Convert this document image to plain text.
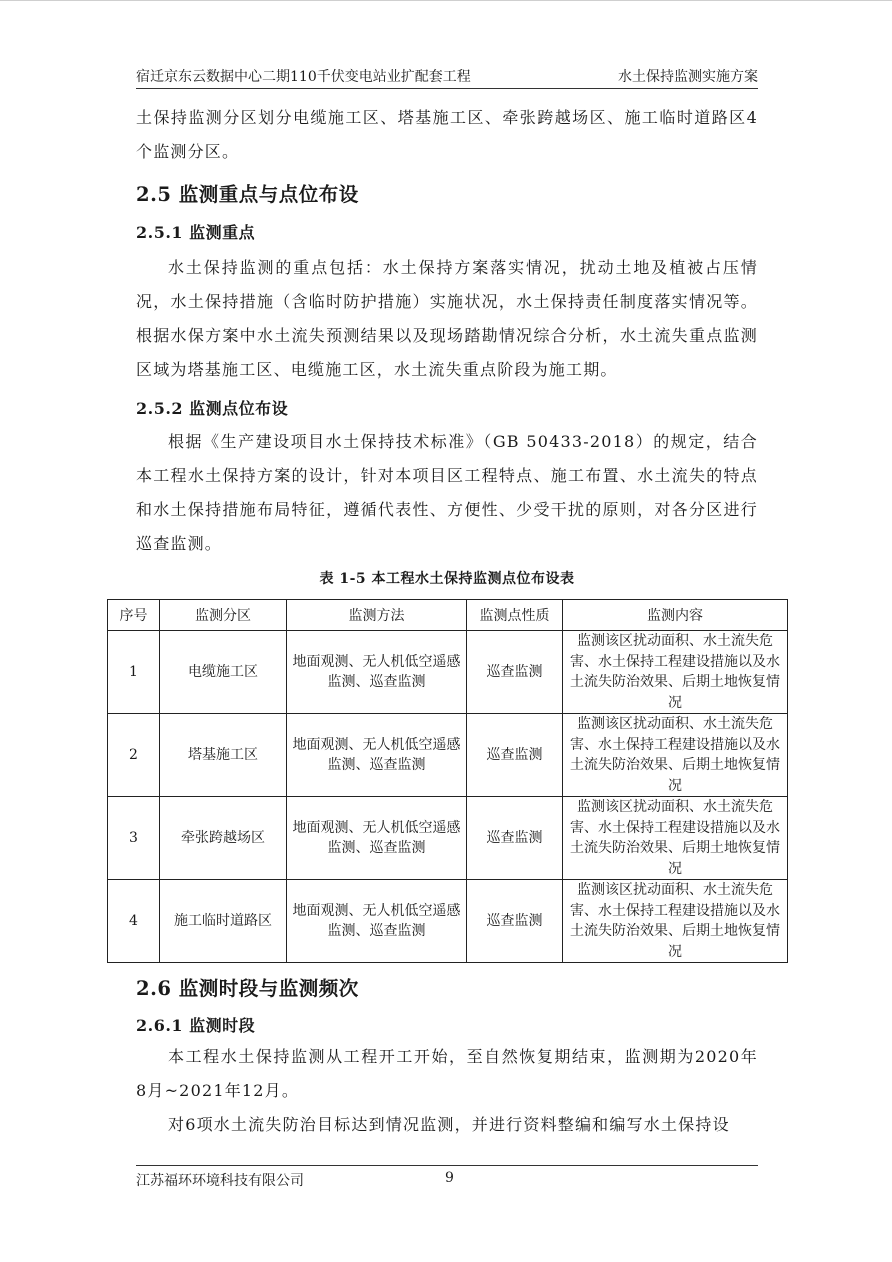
宿迁京东云数据中心二期110千伏变电站业扩配套工程	水土保持监测实施方案

土保持监测分区划分电缆施工区、塔基施工区、牵张跨越场区、施工临时道路区4个监测分区。

2.5 监测重点与点位布设
2.5.1 监测重点

水土保持监测的重点包括：水土保持方案落实情况，扰动土地及植被占压情况，水土保持措施（含临时防护措施）实施状况，水土保持责任制度落实情况等。根据水保方案中水土流失预测结果以及现场踏勘情况综合分析，水土流失重点监测区域为塔基施工区、电缆施工区，水土流失重点阶段为施工期。

2.5.2 监测点位布设

根据《生产建设项目水土保持技术标准》（GB 50433-2018）的规定，结合本工程水土保持方案的设计，针对本项目区工程特点、施工布置、水土流失的特点和水土保持措施布局特征，遵循代表性、方便性、少受干扰的原则，对各分区进行巡查监测。

表 1-5 本工程水土保持监测点位布设表
序号	监测分区	监测方法	监测点性质	监测内容
1	电缆施工区	地面观测、无人机低空遥感监测、巡查监测	巡查监测	监测该区扰动面积、水土流失危害、水土保持工程建设措施以及水土流失防治效果、后期土地恢复情况
2	塔基施工区	地面观测、无人机低空遥感监测、巡查监测	巡查监测	监测该区扰动面积、水土流失危害、水土保持工程建设措施以及水土流失防治效果、后期土地恢复情况
3	牵张跨越场区	地面观测、无人机低空遥感监测、巡查监测	巡查监测	监测该区扰动面积、水土流失危害、水土保持工程建设措施以及水土流失防治效果、后期土地恢复情况
4	施工临时道路区	地面观测、无人机低空遥感监测、巡查监测	巡查监测	监测该区扰动面积、水土流失危害、水土保持工程建设措施以及水土流失防治效果、后期土地恢复情况
2.6 监测时段与监测频次
2.6.1 监测时段

本工程水土保持监测从工程开工开始，至自然恢复期结束，监测期为2020年8月~2021年12月。

对6项水土流失防治目标达到情况监测，并进行资料整编和编写水土保持设

江苏福环环境科技有限公司	9
